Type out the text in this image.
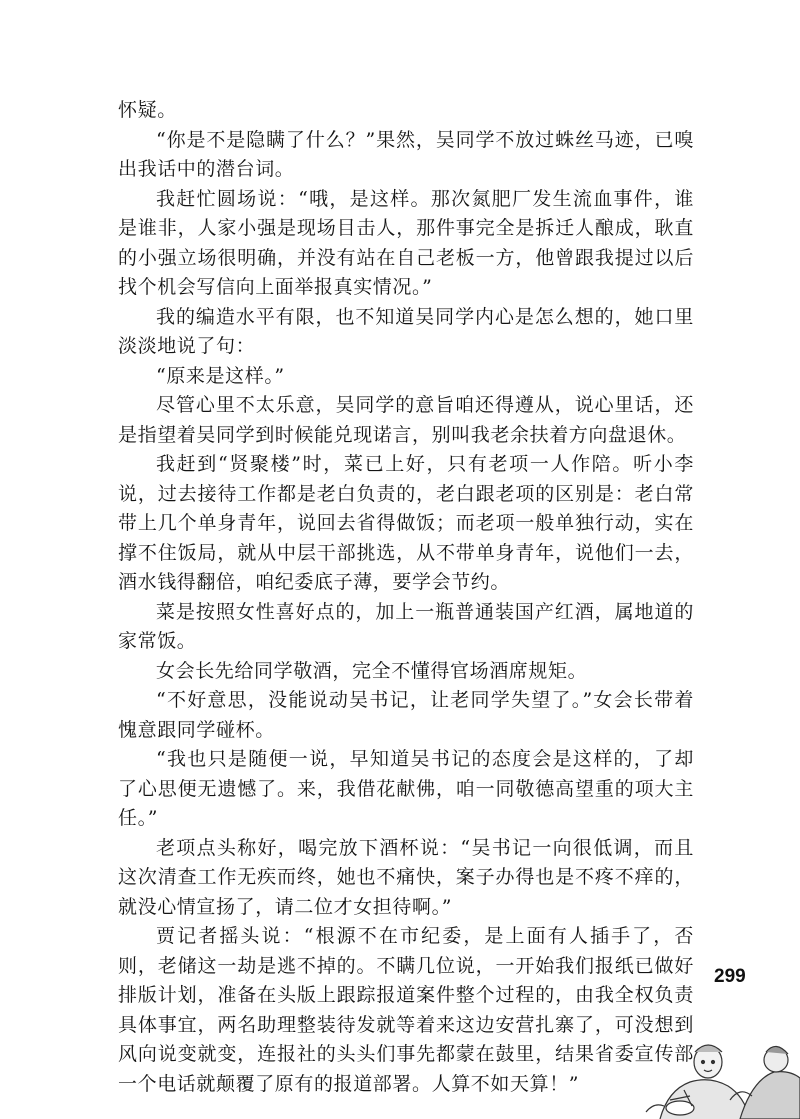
怀疑。

“你是不是隐瞒了什么？”果然，吴同学不放过蛛丝马迹，已嗅出我话中的潜台词。

我赶忙圆场说：“哦，是这样。那次氮肥厂发生流血事件，谁是谁非，人家小强是现场目击人，那件事完全是拆迁人酿成，耿直的小强立场很明确，并没有站在自己老板一方，他曾跟我提过以后找个机会写信向上面举报真实情况。”

我的编造水平有限，也不知道吴同学内心是怎么想的，她口里淡淡地说了句：

“原来是这样。”

尽管心里不太乐意，吴同学的意旨咱还得遵从，说心里话，还是指望着吴同学到时候能兑现诺言，别叫我老余扶着方向盘退休。

我赶到“贤聚楼”时，菜已上好，只有老项一人作陪。听小李说，过去接待工作都是老白负责的，老白跟老项的区别是：老白常带上几个单身青年，说回去省得做饭；而老项一般单独行动，实在撑不住饭局，就从中层干部挑选，从不带单身青年，说他们一去，酒水钱得翻倍，咱纪委底子薄，要学会节约。

菜是按照女性喜好点的，加上一瓶普通装国产红酒，属地道的家常饭。

女会长先给同学敬酒，完全不懂得官场酒席规矩。

“不好意思，没能说动吴书记，让老同学失望了。”女会长带着愧意跟同学碰杯。

“我也只是随便一说，早知道吴书记的态度会是这样的，了却了心思便无遗憾了。来，我借花献佛，咱一同敬德高望重的项大主任。”

老项点头称好，喝完放下酒杯说：“吴书记一向很低调，而且这次清查工作无疾而终，她也不痛快，案子办得也是不疼不痒的，就没心情宣扬了，请二位才女担待啊。”

贾记者摇头说：“根源不在市纪委，是上面有人插手了，否则，老储这一劫是逃不掉的。不瞒几位说，一开始我们报纸已做好排版计划，准备在头版上跟踪报道案件整个过程的，由我全权负责具体事宜，两名助理整装待发就等着来这边安营扎寨了，可没想到风向说变就变，连报社的头头们事先都蒙在鼓里，结果省委宣传部一个电话就颠覆了原有的报道部署。人算不如天算！”

299
